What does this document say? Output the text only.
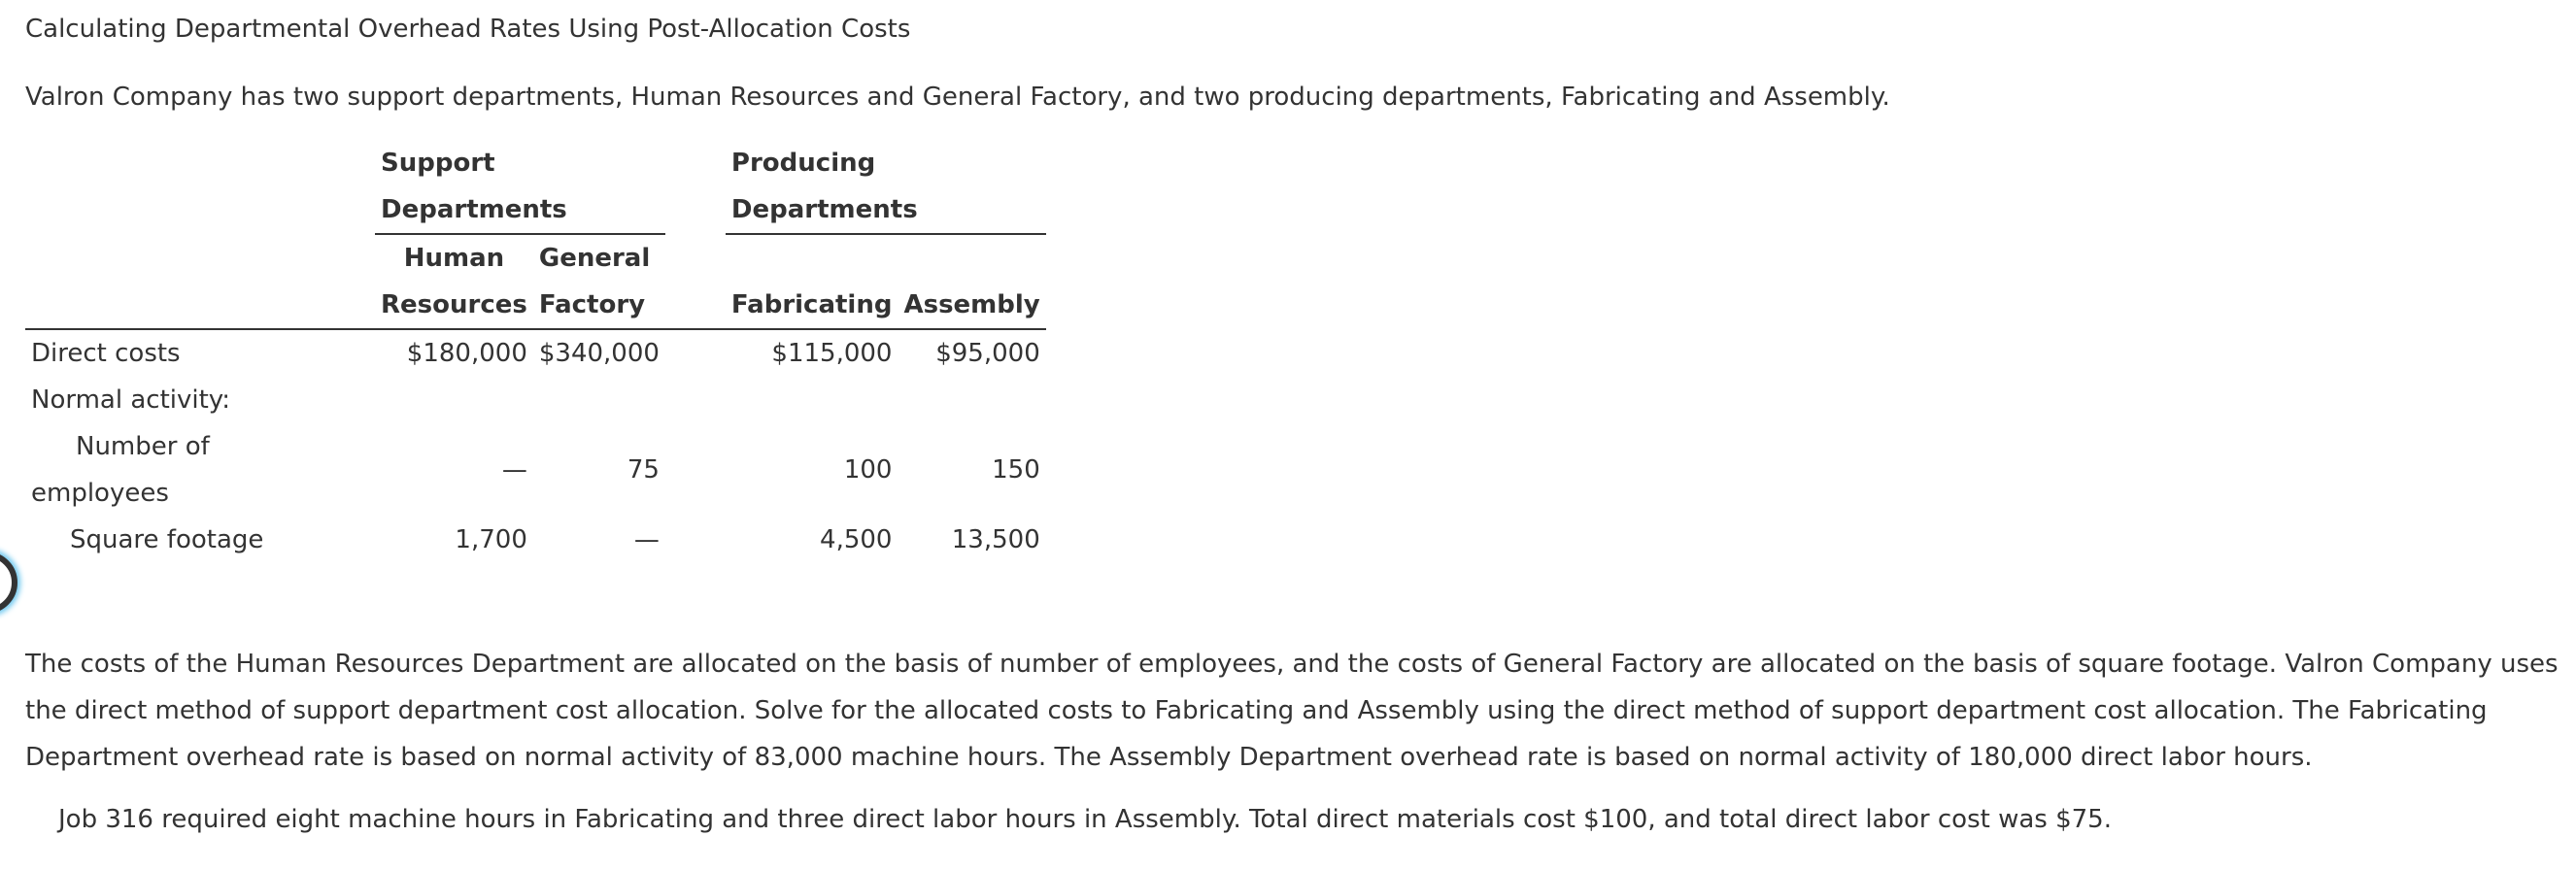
Calculating Departmental Overhead Rates Using Post-Allocation Costs
Valron Company has two support departments, Human Resources and General Factory, and two producing departments, Fabricating and Assembly.
	Support			Producing	
	Departments			Departments	
	Human	General			
	Resources	Factory		Fabricating	Assembly
Direct costs	$180,000	$340,000		$115,000	$95,000
Normal activity:					

Number of
employees	—	75		100	150
Square footage	1,700	—		4,500	13,500
The costs of the Human Resources Department are allocated on the basis of number of employees, and the costs of General Factory are allocated on the basis of square footage. Valron Company uses the direct method of support department cost allocation. Solve for the allocated costs to Fabricating and Assembly using the direct method of support department cost allocation. The Fabricating Department overhead rate is based on normal activity of 83,000 machine hours. The Assembly Department overhead rate is based on normal activity of 180,000 direct labor hours.
Job 316 required eight machine hours in Fabricating and three direct labor hours in Assembly. Total direct materials cost $100, and total direct labor cost was $75.
